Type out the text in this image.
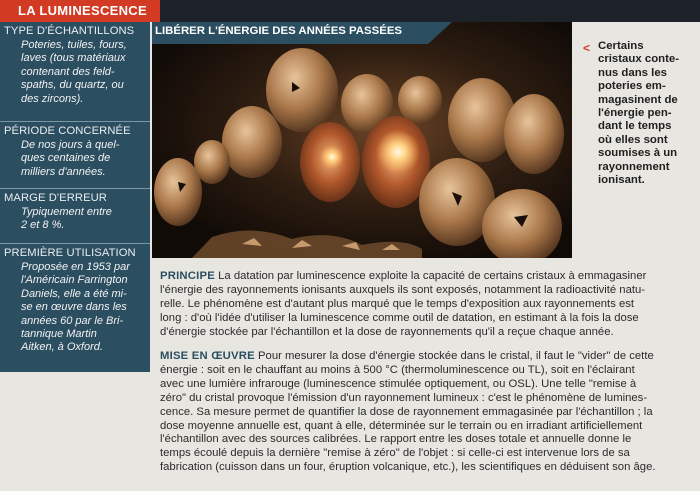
LA LUMINESCENCE
TYPE D'ÉCHANTILLONS
Poteries, tuiles, fours,
laves (tous matériaux
contenant des feld-
spaths, du quartz, ou
des zircons).
PÉRIODE CONCERNÉE
De nos jours à quel-
ques centaines de
milliers d'années.
MARGE D'ERREUR
Typiquement entre
2 et 8 %.
PREMIÈRE UTILISATION
Proposée en 1953 par
l'Américain Farrington
Daniels, elle a été mi-
se en œuvre dans les
années 60 par le Bri-
tannique Martin
Aitken, à Oxford.
LIBÉRER L'ÉNERGIE DES ANNÉES PASSÉES
< Certains
cristaux conte-
nus dans les
poteries em-
magasinent de
l'énergie pen-
dant le temps
où elles sont
soumises à un
rayonnement
ionisant.
PRINCIPE La datation par luminescence exploite la capacité de certains cristaux à emmagasiner
l'énergie des rayonnements ionisants auxquels ils sont exposés, notamment la radioactivité natu-
relle. Le phénomène est d'autant plus marqué que le temps d'exposition aux rayonnements est
long : d'où l'idée d'utiliser la luminescence comme outil de datation, en estimant à la fois la dose
d'énergie stockée par l'échantillon et la dose de rayonnements qu'il a reçue chaque année.
MISE EN ŒUVRE Pour mesurer la dose d'énergie stockée dans le cristal, il faut le "vider" de cette
énergie : soit en le chauffant au moins à 500 °C (thermoluminescence ou TL), soit en l'éclairant
avec une lumière infrarouge (luminescence stimulée optiquement, ou OSL). Une telle "remise à
zéro" du cristal provoque l'émission d'un rayonnement lumineux : c'est le phénomène de lumines-
cence. Sa mesure permet de quantifier la dose de rayonnement emmagasinée par l'échantillon ; la
dose moyenne annuelle est, quant à elle, déterminée sur le terrain ou en irradiant artificiellement
l'échantillon avec des sources calibrées. Le rapport entre les doses totale et annuelle donne le
temps écoulé depuis la dernière "remise à zéro" de l'objet : si celle-ci est intervenue lors de sa
fabrication (cuisson dans un four, éruption volcanique, etc.), les scientifiques en déduisent son âge.
